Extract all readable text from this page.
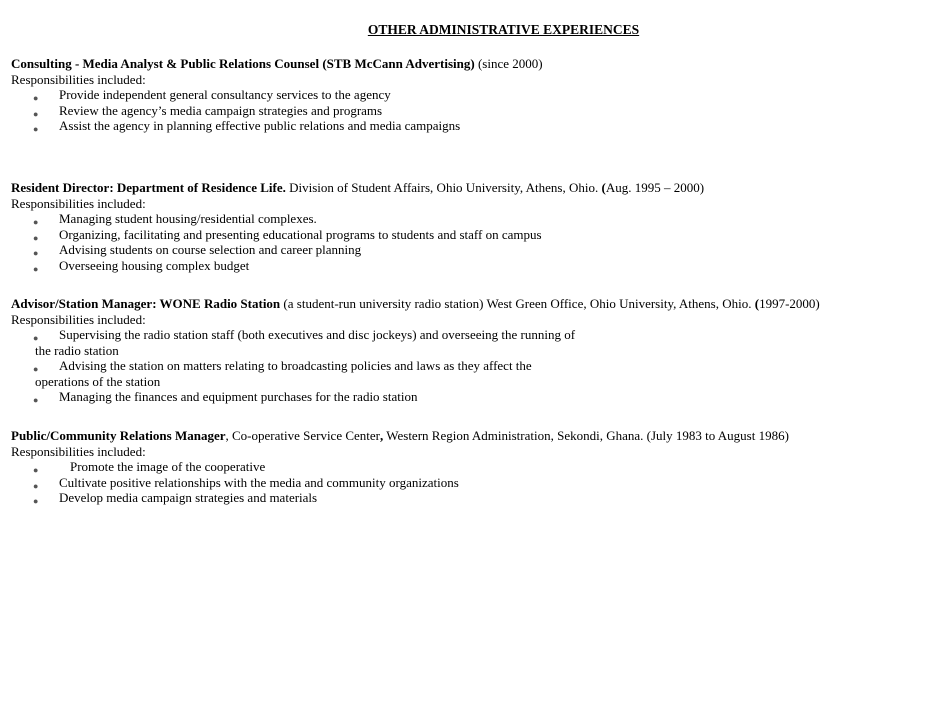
OTHER ADMINISTRATIVE EXPERIENCES
Consulting - Media Analyst & Public Relations Counsel (STB McCann Advertising) (since 2000)
Responsibilities included:
● Provide independent general consultancy services to the agency
● Review the agency’s media campaign strategies and programs
● Assist the agency in planning effective public relations and media campaigns
Resident Director: Department of Residence Life. Division of Student Affairs, Ohio University, Athens, Ohio. (Aug. 1995 – 2000)
Responsibilities included:
● Managing student housing/residential complexes.
● Organizing, facilitating and presenting educational programs to students and staff on campus
● Advising students on course selection and career planning
● Overseeing housing complex budget
Advisor/Station Manager: WONE Radio Station (a student-run university radio station) West Green Office, Ohio University, Athens, Ohio. (1997-2000)
Responsibilities included:
● Supervising the radio station staff (both executives and disc jockeys) and overseeing the running of
the radio station
● Advising the station on matters relating to broadcasting policies and laws as they affect the
operations of the station
● Managing the finances and equipment purchases for the radio station
Public/Community Relations Manager, Co-operative Service Center, Western Region Administration, Sekondi, Ghana. (July 1983 to August 1986)
Responsibilities included:
● Promote the image of the cooperative
● Cultivate positive relationships with the media and community organizations
● Develop media campaign strategies and materials
